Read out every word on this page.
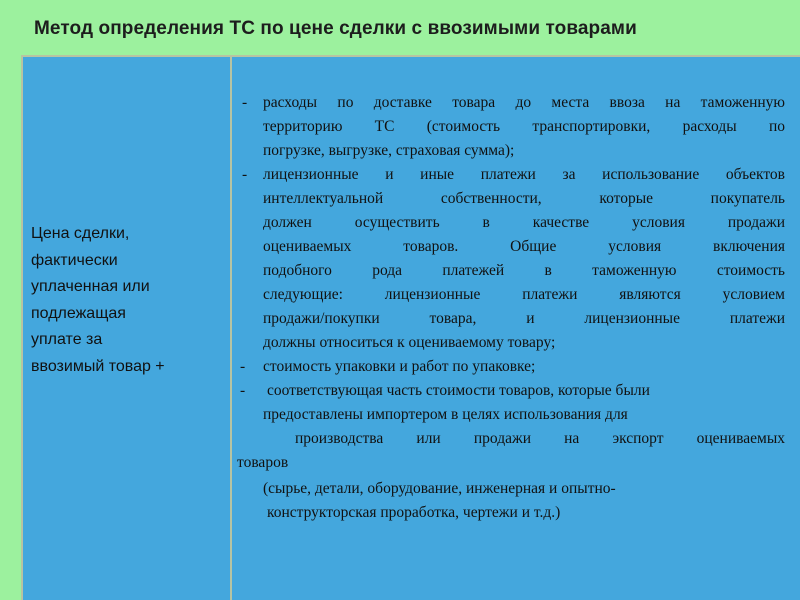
Метод определения ТС по цене сделки с ввозимыми товарами
Цена сделки,
фактически
уплаченная или
подлежащая
уплате за
ввозимый товар +
- расходы по доставке товара до места ввоза на таможенную
территорию ТС (стоимость транспортировки, расходы по
погрузке, выгрузке, страховая сумма);
- лицензионные и иные платежи за использование объектов
интеллектуальной собственности, которые покупатель
должен осуществить в качестве условия продажи
оцениваемых товаров. Общие условия включения
подобного рода платежей в таможенную стоимость
следующие: лицензионные платежи являются условием
продажи/покупки товара, и лицензионные платежи
должны относиться к оцениваемому товару;
- стоимость упаковки и работ по упаковке;
- соответствующая часть стоимости товаров, которые были
предоставлены импортером в целях использования для
производства или продажи на экспорт оцениваемых
товаров
(сырье, детали, оборудование, инженерная и опытно-
конструкторская проработка, чертежи и т.д.)
